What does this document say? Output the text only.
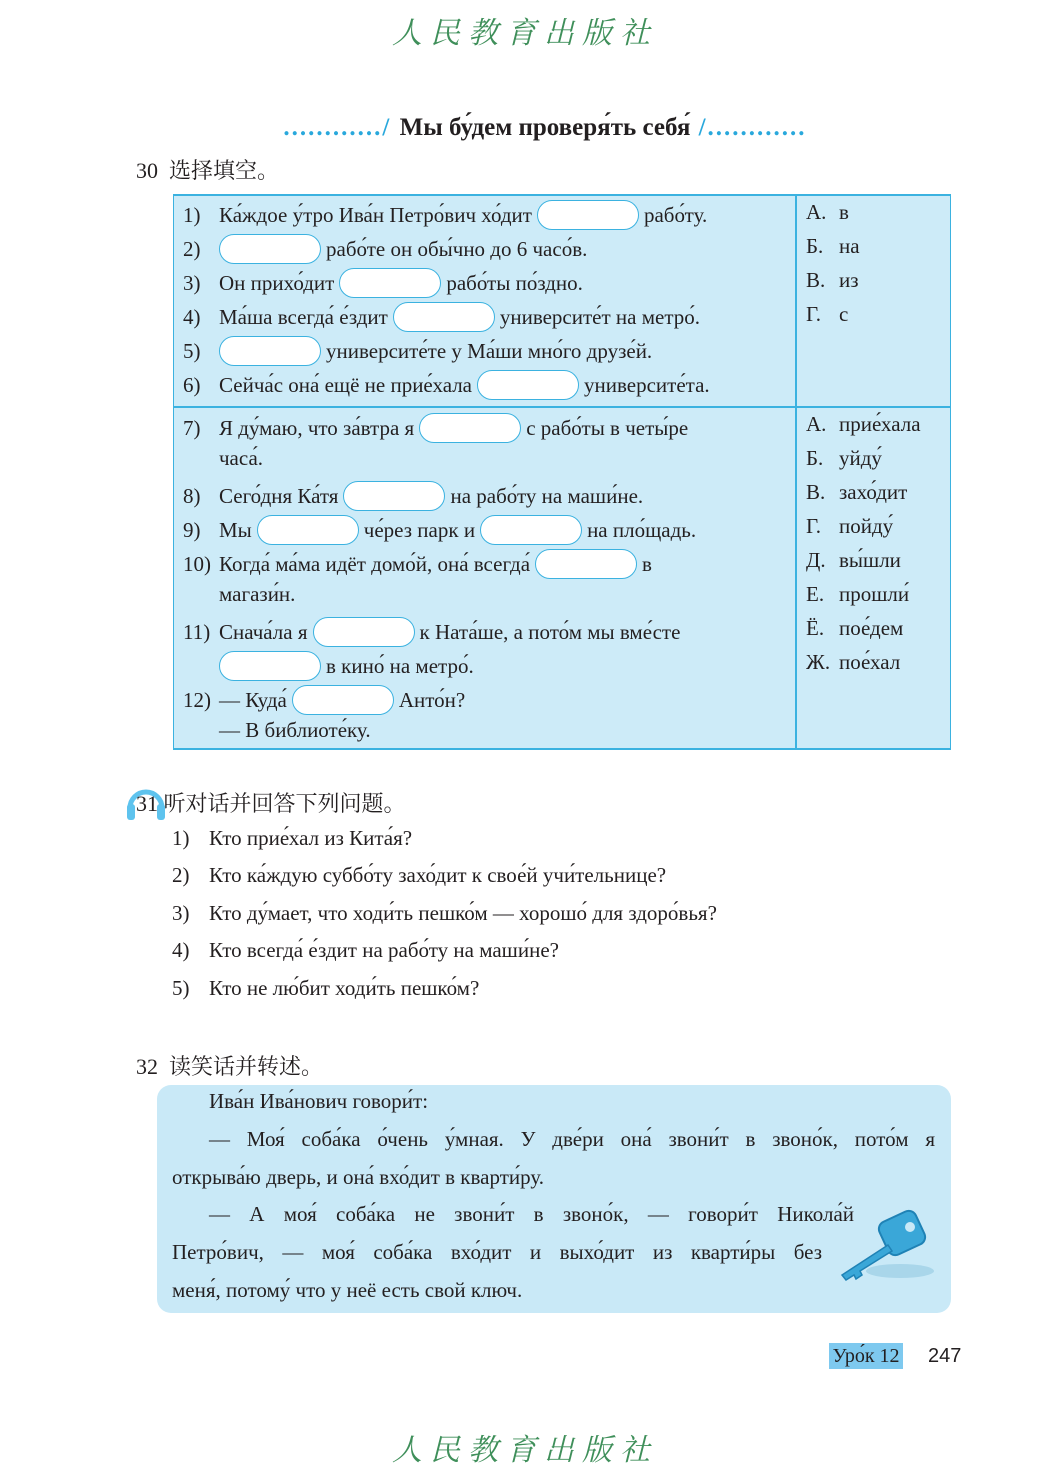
人民教育出版社
............/ Мы бу́дем проверя́ть себя́ /............
30 选择填空。
1) Ка́ждое у́тро Ива́н Петро́вич хо́дит	рабо́ту.
2)	рабо́те он обы́чно до 6 часо́в.
3) Он прихо́дит	рабо́ты по́здно.
4) Ма́ша всегда́ е́здит	университе́т на метро́.
5)	университе́те у Ма́ши мно́го друзе́й.
6) Сейча́с она́ ещё не прие́хала	университе́та.
7) Я ду́маю, что за́втра я	с рабо́ты в четы́ре
часа́.
8) Сего́дня Ка́тя	на рабо́ту на маши́не.
9) Мы	че́рез парк и	на пло́щадь.
10) Когда́ ма́ма идёт домо́й, она́ всегда́	в
магази́н.
11) Снача́ла я	к Ната́ше, а пото́м мы вме́сте
в кино́ на метро́.
12) — Куда́	Анто́н?
— В библиоте́ку.
А. в
Б. на
В. из
Г. с
А. прие́хала
Б. уйду́
В. захо́дит
Г. пойду́
Д. вы́шли
Е. прошли́
Ё. пое́дем
Ж. пое́хал
31 听对话并回答下列问题。
1) Кто прие́хал из Кита́я?
2) Кто ка́ждую суббо́ту захо́дит к свое́й учи́тельнице?
3) Кто ду́мает, что ходи́ть пешко́м — хорошо́ для здоро́вья?
4) Кто всегда́ е́здит на рабо́ту на маши́не?
5) Кто не лю́бит ходи́ть пешко́м?
32 读笑话并转述。
Ива́н Ива́нович говори́т:
— Моя́ соба́ка о́чень у́мная. У две́ри она́ звони́т в звоно́к, пото́м я
открыва́ю дверь, и она́ вхо́дит в кварти́ру.
— А моя́ соба́ка не звони́т в звоно́к, — говори́т Никола́й
Петро́вич, — моя́ соба́ка вхо́дит и выхо́дит из кварти́ры без
меня́, потому́ что у неё есть свой ключ.
Уро́к 12 247
人民教育出版社
